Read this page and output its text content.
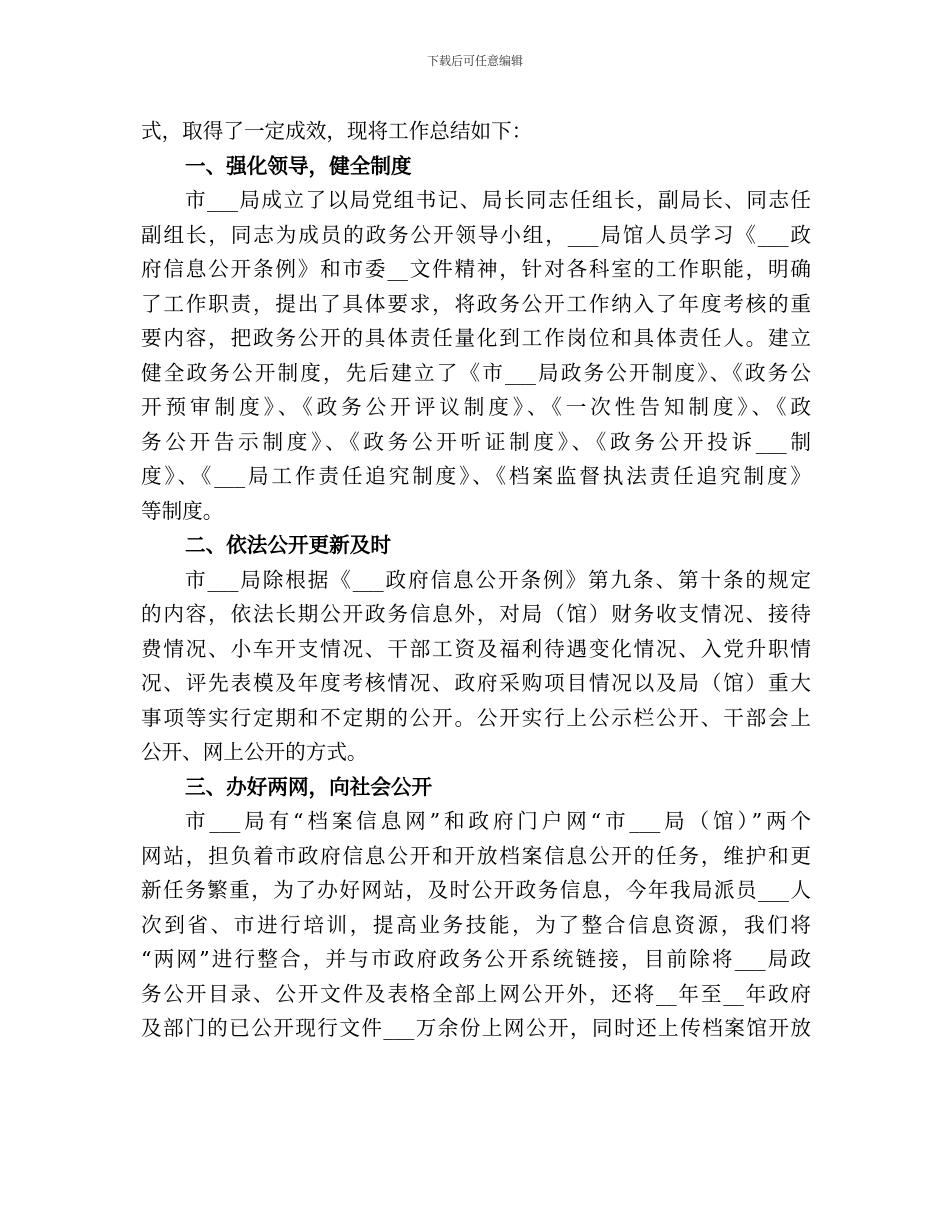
下载后可任意编辑
式，取得了一定成效，现将工作总结如下：
一、强化领导，健全制度
市___局成立了以局党组书记、局长同志任组长，副局长、同志任
副组长，同志为成员的政务公开领导小组，___局馆人员学习《___政
府信息公开条例》和市委__文件精神，针对各科室的工作职能，明确
了工作职责，提出了具体要求，将政务公开工作纳入了年度考核的重
要内容，把政务公开的具体责任量化到工作岗位和具体责任人。建立
健全政务公开制度，先后建立了《市___局政务公开制度》、《政务公
开预审制度》、《政务公开评议制度》、《一次性告知制度》、《政
务公开告示制度》、《政务公开听证制度》、《政务公开投诉___制
度》、《___局工作责任追究制度》、《档案监督执法责任追究制度》
等制度。
二、依法公开更新及时
市___局除根据《___政府信息公开条例》第九条、第十条的规定
的内容，依法长期公开政务信息外，对局（馆）财务收支情况、接待
费情况、小车开支情况、干部工资及福利待遇变化情况、入党升职情
况、评先表模及年度考核情况、政府采购项目情况以及局（馆）重大
事项等实行定期和不定期的公开。公开实行上公示栏公开、干部会上
公开、网上公开的方式。
三、办好两网，向社会公开
市___局有“档案信息网”和政府门户网“市___局（馆）”两个
网站，担负着市政府信息公开和开放档案信息公开的任务，维护和更
新任务繁重，为了办好网站，及时公开政务信息，今年我局派员___人
次到省、市进行培训，提高业务技能，为了整合信息资源，我们将
“两网”进行整合，并与市政府政务公开系统链接，目前除将___局政
务公开目录、公开文件及表格全部上网公开外，还将__年至__年政府
及部门的已公开现行文件___万余份上网公开，同时还上传档案馆开放
